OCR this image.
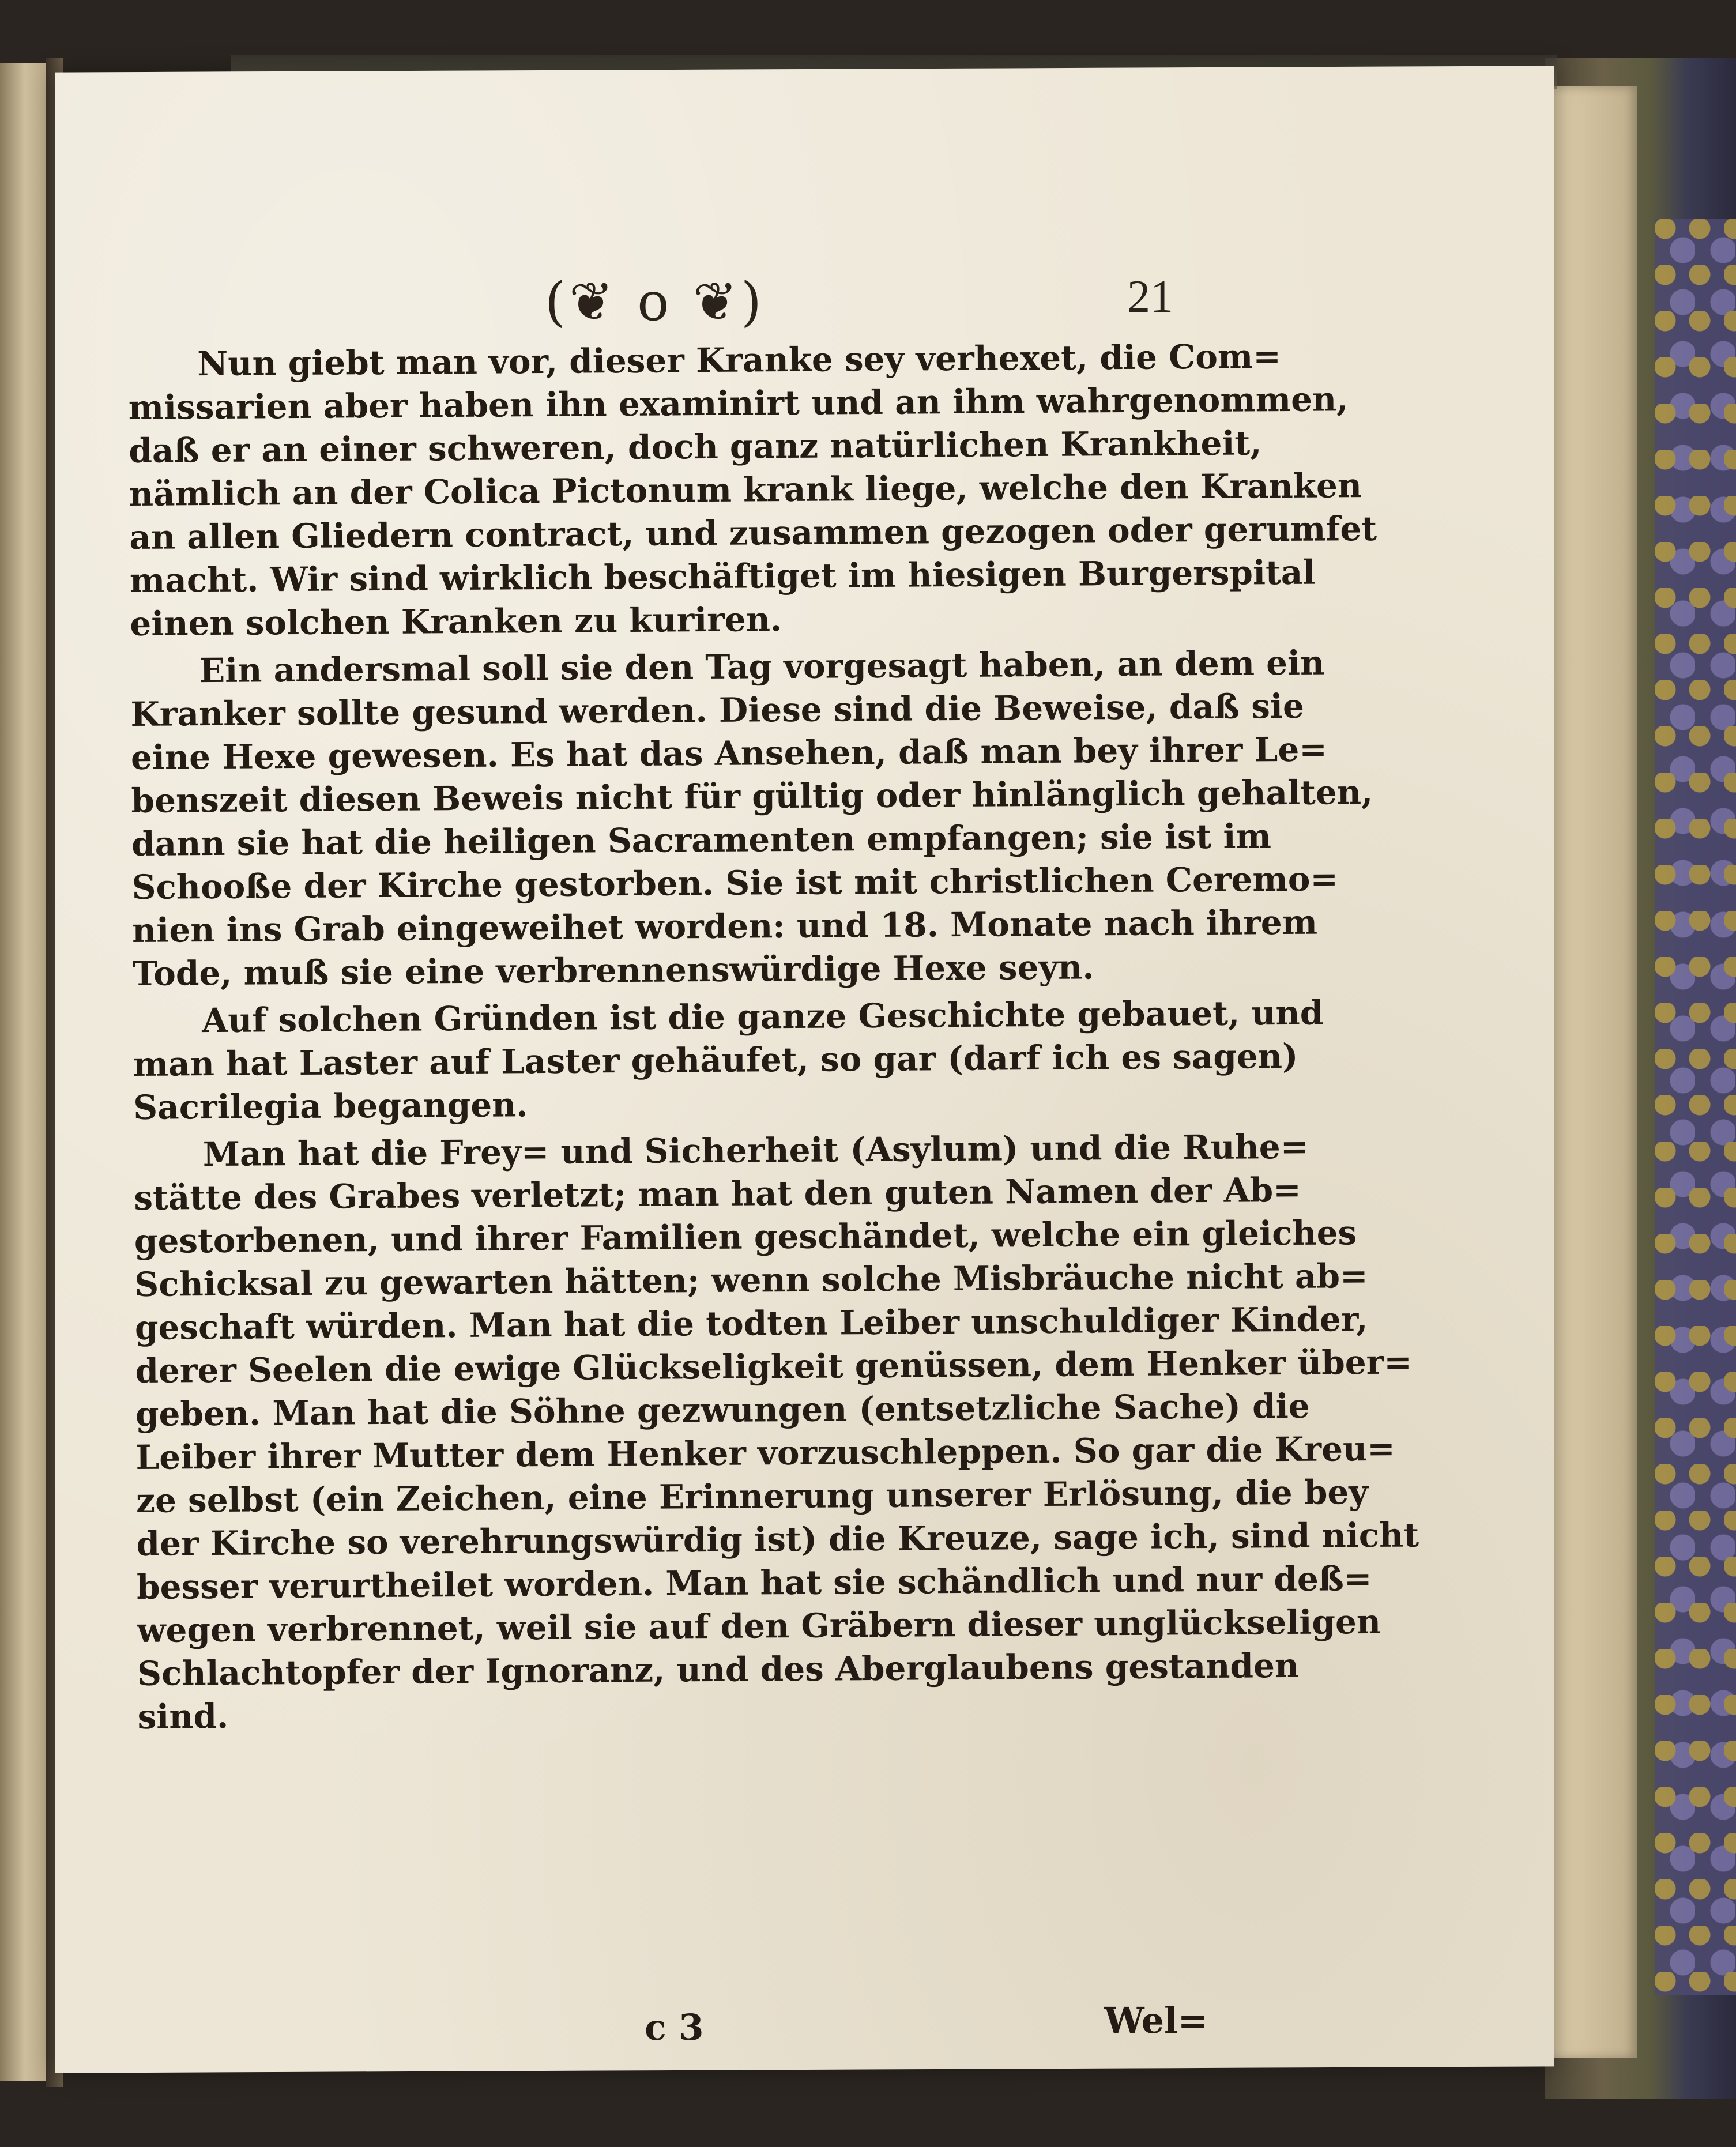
(❦ o ❦)	21
Nun giebt man vor, dieser Kranke sey verhexet, die Com=
missarien aber haben ihn examinirt und an ihm wahrgenommen,
daß er an einer schweren, doch ganz natürlichen Krankheit,
nämlich an der Colica Pictonum krank liege, welche den Kranken
an allen Gliedern contract, und zusammen gezogen oder gerumfet
macht. Wir sind wirklich beschäftiget im hiesigen Burgerspital
einen solchen Kranken zu kuriren.
Ein andersmal soll sie den Tag vorgesagt haben, an dem ein
Kranker sollte gesund werden. Diese sind die Beweise, daß sie
eine Hexe gewesen. Es hat das Ansehen, daß man bey ihrer Le=
benszeit diesen Beweis nicht für gültig oder hinlänglich gehalten,
dann sie hat die heiligen Sacramenten empfangen; sie ist im
Schooße der Kirche gestorben. Sie ist mit christlichen Ceremo=
nien ins Grab eingeweihet worden: und 18. Monate nach ihrem
Tode, muß sie eine verbrennenswürdige Hexe seyn.
Auf solchen Gründen ist die ganze Geschichte gebauet, und
man hat Laster auf Laster gehäufet, so gar (darf ich es sagen)
Sacrilegia begangen.
Man hat die Frey= und Sicherheit (Asylum) und die Ruhe=
stätte des Grabes verletzt; man hat den guten Namen der Ab=
gestorbenen, und ihrer Familien geschändet, welche ein gleiches
Schicksal zu gewarten hätten; wenn solche Misbräuche nicht ab=
geschaft würden. Man hat die todten Leiber unschuldiger Kinder,
derer Seelen die ewige Glückseligkeit genüssen, dem Henker über=
geben. Man hat die Söhne gezwungen (entsetzliche Sache) die
Leiber ihrer Mutter dem Henker vorzuschleppen. So gar die Kreu=
ze selbst (ein Zeichen, eine Erinnerung unserer Erlösung, die bey
der Kirche so verehrungswürdig ist) die Kreuze, sage ich, sind nicht
besser verurtheilet worden. Man hat sie schändlich und nur deß=
wegen verbrennet, weil sie auf den Gräbern dieser unglückseligen
Schlachtopfer der Ignoranz, und des Aberglaubens gestanden
sind.
c 3	Wel=
